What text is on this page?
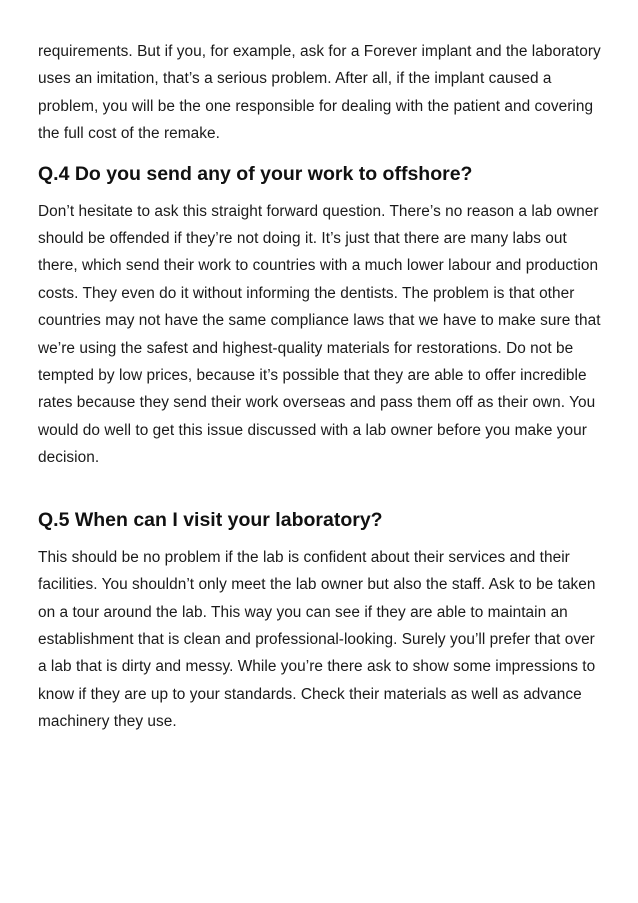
requirements. But if you, for example, ask for a Forever implant and the laboratory uses an imitation, that’s a serious problem. After all, if the implant caused a problem, you will be the one responsible for dealing with the patient and covering the full cost of the remake.

Q.4 Do you send any of your work to offshore?

Don’t hesitate to ask this straight forward question. There’s no reason a lab owner should be offended if they’re not doing it. It’s just that there are many labs out there, which send their work to countries with a much lower labour and production costs. They even do it without informing the dentists. The problem is that other countries may not have the same compliance laws that we have to make sure that we’re using the safest and highest-quality materials for restorations. Do not be tempted by low prices, because it’s possible that they are able to offer incredible rates because they send their work overseas and pass them off as their own. You would do well to get this issue discussed with a lab owner before you make your decision.

Q.5 When can I visit your laboratory?

This should be no problem if the lab is confident about their services and their facilities. You shouldn’t only meet the lab owner but also the staff. Ask to be taken on a tour around the lab. This way you can see if they are able to maintain an establishment that is clean and professional-looking. Surely you’ll prefer that over a lab that is dirty and messy. While you’re there ask to show some impressions to know if they are up to your standards. Check their materials as well as advance machinery they use.
